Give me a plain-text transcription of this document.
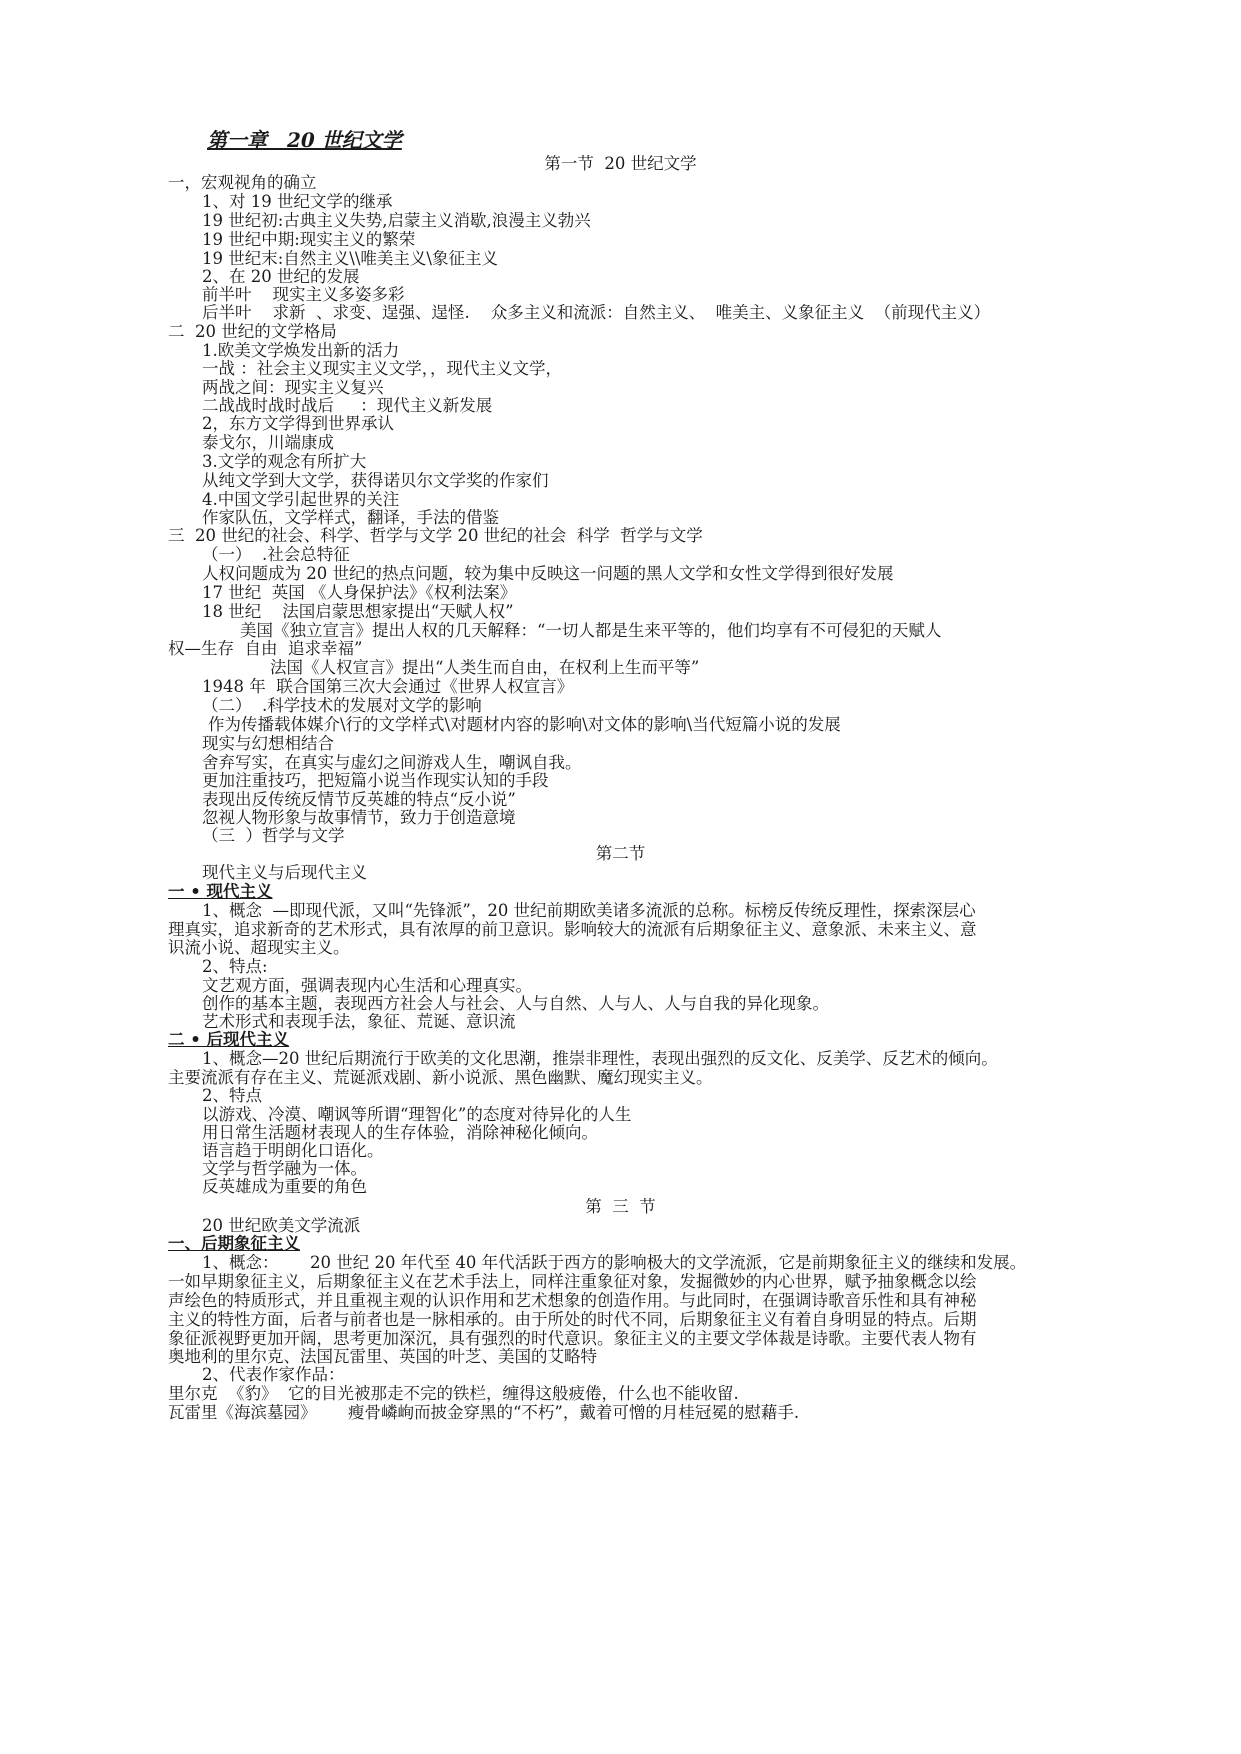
第一章　20 世纪文学
第一节  20 世纪文学
一，宏观视角的确立
1、对 19 世纪文学的继承
19 世纪初:古典主义失势,启蒙主义消歇,浪漫主义勃兴
19 世纪中期:现实主义的繁荣
19 世纪末:自然主义\\唯美主义\象征主义
2、在 20 世纪的发展
前半叶    现实主义多姿多彩
后半叶    求新  、求变、逞强、逞怪.    众多主义和流派：自然主义、  唯美主、义象征主义  （前现代主义）
二  20 世纪的文学格局
1.欧美文学焕发出新的活力
一战 ：社会主义现实主义文学，，现代主义文学，
两战之间：现实主义复兴
二战战时战时战后     ：现代主义新发展
2，东方文学得到世界承认
泰戈尔，川端康成
3.文学的观念有所扩大
从纯文学到大文学，获得诺贝尔文学奖的作家们
4.中国文学引起世界的关注
作家队伍，文学样式，翻译，手法的借鉴
三  20 世纪的社会、科学、哲学与文学 20 世纪的社会  科学  哲学与文学
（一）  .社会总特征
人权问题成为 20 世纪的热点问题，较为集中反映这一问题的黑人文学和女性文学得到很好发展
17 世纪  英国 《人身保护法》《权利法案》
18 世纪    法国启蒙思想家提出“天赋人权”
美国《独立宣言》提出人权的几天解释：“一切人都是生来平等的，他们均享有不可侵犯的天赋人
权—生存  自由  追求幸福”
法国《人权宣言》提出“人类生而自由，在权利上生而平等”
1948 年  联合国第三次大会通过《世界人权宣言》
（二）  .科学技术的发展对文学的影响
作为传播载体媒介\行的文学样式\对题材内容的影响\对文体的影响\当代短篇小说的发展
现实与幻想相结合
舍弃写实，在真实与虚幻之间游戏人生，嘲讽自我。
更加注重技巧，把短篇小说当作现实认知的手段
表现出反传统反情节反英雄的特点“反小说”
忽视人物形象与故事情节，致力于创造意境
（三  ）哲学与文学
第二节
现代主义与后现代主义
一 • 现代主义
1、概念  —即现代派，又叫“先锋派”，20 世纪前期欧美诸多流派的总称。标榜反传统反理性，探索深层心
理真实，追求新奇的艺术形式，具有浓厚的前卫意识。影响较大的流派有后期象征主义、意象派、未来主义、意
识流小说、超现实主义。
2、特点:
文艺观方面，强调表现内心生活和心理真实。
创作的基本主题，表现西方社会人与社会、人与自然、人与人、人与自我的异化现象。
艺术形式和表现手法，象征、荒诞、意识流
二 • 后现代主义
1、概念—20 世纪后期流行于欧美的文化思潮，推崇非理性，表现出强烈的反文化、反美学、反艺术的倾向。
主要流派有存在主义、荒诞派戏剧、新小说派、黑色幽默、魔幻现实主义。
2、特点
以游戏、冷漠、嘲讽等所谓“理智化”的态度对待异化的人生
用日常生活题材表现人的生存体验，消除神秘化倾向。
语言趋于明朗化口语化。
文学与哲学融为一体。
反英雄成为重要的角色
第  三  节
20 世纪欧美文学流派
一、后期象征主义
1、概念：      20 世纪 20 年代至 40 年代活跃于西方的影响极大的文学流派，它是前期象征主义的继续和发展。
一如早期象征主义，后期象征主义在艺术手法上，同样注重象征对象，发掘微妙的内心世界，赋予抽象概念以绘
声绘色的特质形式，并且重视主观的认识作用和艺术想象的创造作用。与此同时，在强调诗歌音乐性和具有神秘
主义的特性方面，后者与前者也是一脉相承的。由于所处的时代不同，后期象征主义有着自身明显的特点。后期
象征派视野更加开阔，思考更加深沉，具有强烈的时代意识。象征主义的主要文学体裁是诗歌。主要代表人物有
奥地利的里尔克、法国瓦雷里、英国的叶芝、美国的艾略特
2、代表作家作品：
里尔克  《豹》  它的目光被那走不完的铁栏，缠得这般疲倦，什么也不能收留.
瓦雷里《海滨墓园》      瘦骨嶙峋而披金穿黑的“不朽”，戴着可憎的月桂冠冕的慰藉手.
